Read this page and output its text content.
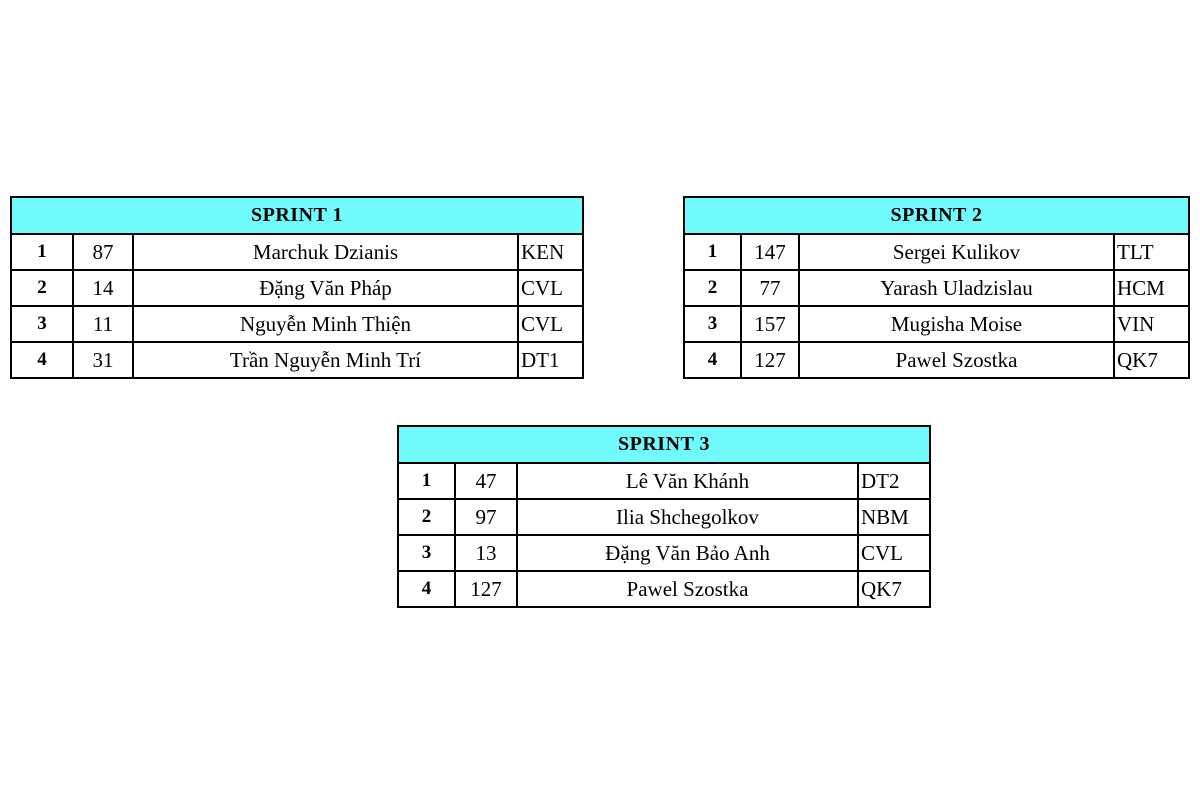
SPRINT 1			
1	87	Marchuk Dzianis	KEN
2	14	Đặng Văn Pháp	CVL
3	11	Nguyễn Minh Thiện	CVL
4	31	Trần Nguyễn Minh Trí	DT1
SPRINT 2			
1	147	Sergei Kulikov	TLT
2	77	Yarash Uladzislau	HCM
3	157	Mugisha Moise	VIN
4	127	Pawel Szostka	QK7
SPRINT 3			
1	47	Lê Văn Khánh	DT2
2	97	Ilia Shchegolkov	NBM
3	13	Đặng Văn Bảo Anh	CVL
4	127	Pawel Szostka	QK7
